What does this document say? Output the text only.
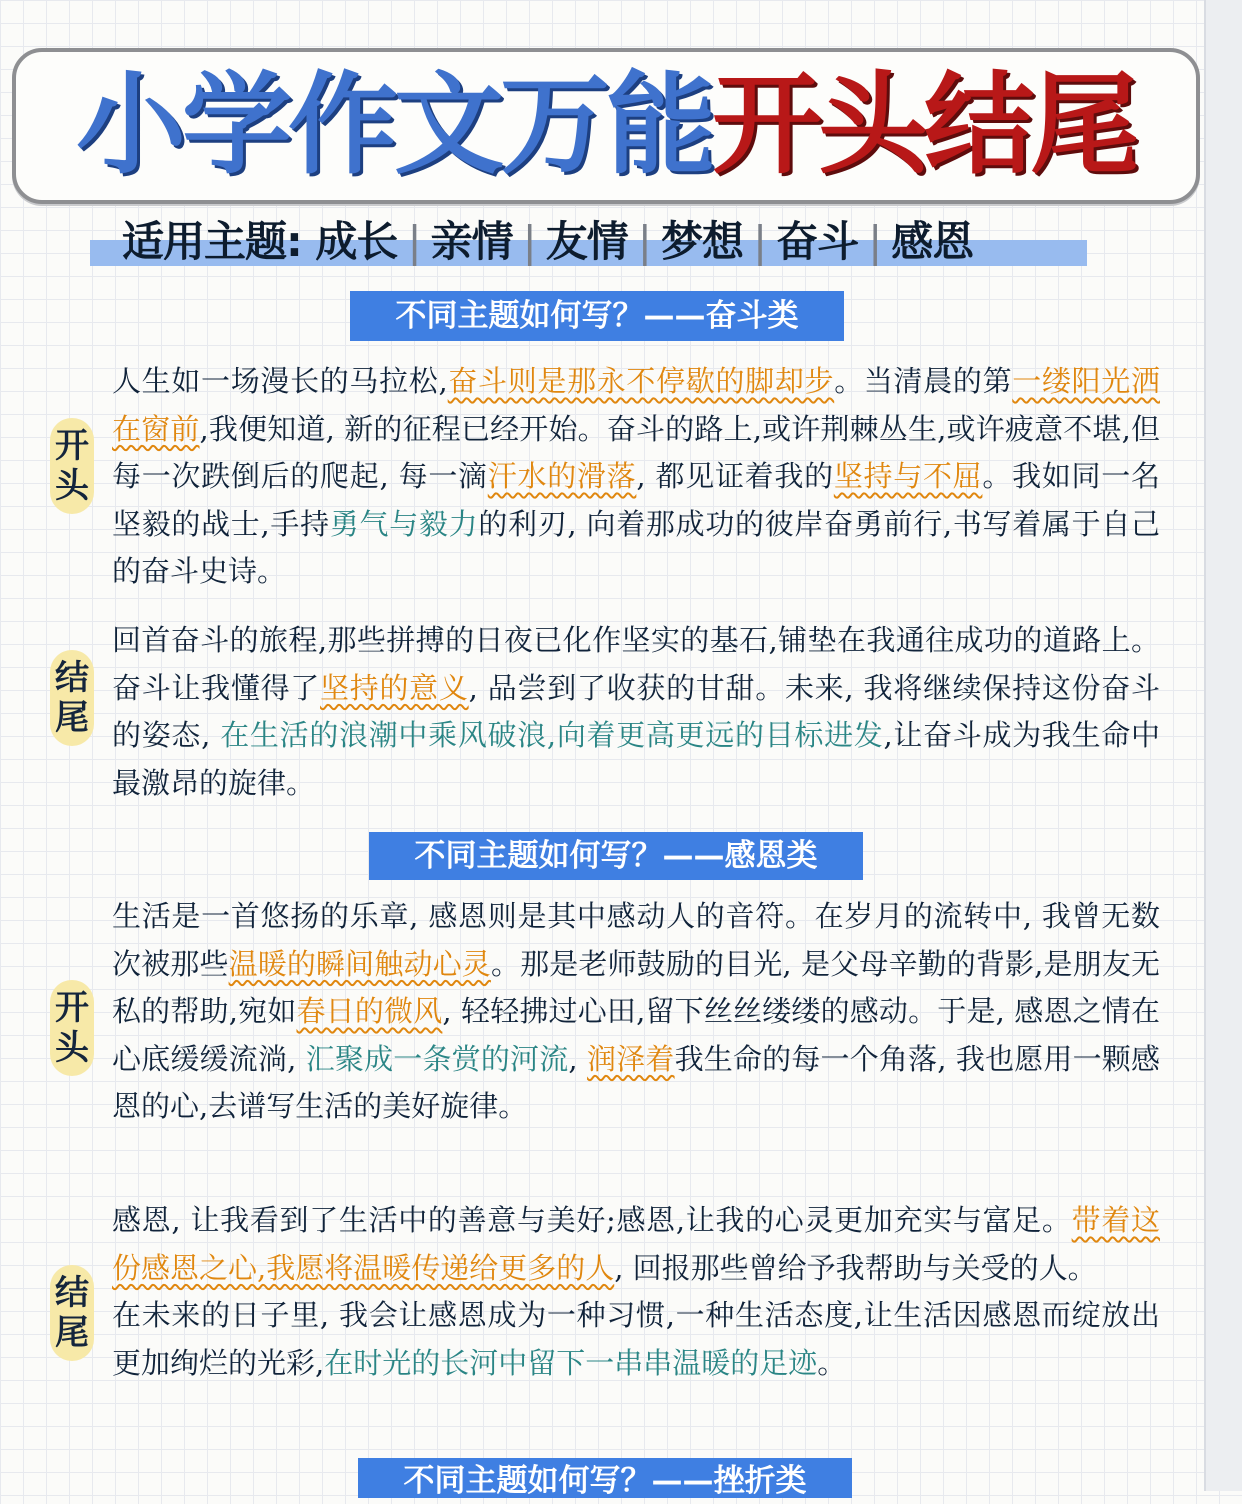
小学作文万能开头结尾
适用主题: 成长 | 亲情 | 友情 | 梦想 | 奋斗 | 感恩
不同主题如何写？——奋斗类
开头
人生如一场漫长的马拉松,奋斗则是那永不停歇的脚却步。当清晨的第一缕阳光洒在窗前,我便知道, 新的征程已经开始。奋斗的路上,或许荆棘丛生,或许疲意不堪,但每一次跌倒后的爬起, 每一滴汗水的滑落, 都见证着我的坚持与不屈。我如同一名坚毅的战士,手持勇气与毅力的利刃, 向着那成功的彼岸奋勇前行,书写着属于自己的奋斗史诗。
结尾
回首奋斗的旅程,那些拼搏的日夜已化作坚实的基石,铺垫在我通往成功的道路上。奋斗让我懂得了坚持的意义, 品尝到了收获的甘甜。未来, 我将继续保持这份奋斗的姿态, 在生活的浪潮中乘风破浪,向着更高更远的目标进发,让奋斗成为我生命中最激昂的旋律。
不同主题如何写？——感恩类
开头
生活是一首悠扬的乐章, 感恩则是其中感动人的音符。在岁月的流转中, 我曾无数次被那些温暖的瞬间触动心灵。那是老师鼓励的目光, 是父母辛勤的背影,是朋友无私的帮助,宛如春日的微风, 轻轻拂过心田,留下丝丝缕缕的感动。于是, 感恩之情在心底缓缓流淌, 汇聚成一条赏的河流, 润泽着我生命的每一个角落, 我也愿用一颗感恩的心,去谱写生活的美好旋律。
结尾
感恩, 让我看到了生活中的善意与美好;感恩,让我的心灵更加充实与富足。带着这份感恩之心,我愿将温暖传递给更多的人, 回报那些曾给予我帮助与关受的人。
在未来的日子里, 我会让感恩成为一种习惯,一种生活态度,让生活因感恩而绽放出更加绚烂的光彩,在时光的长河中留下一串串温暖的足迹。
不同主题如何写？——挫折类
